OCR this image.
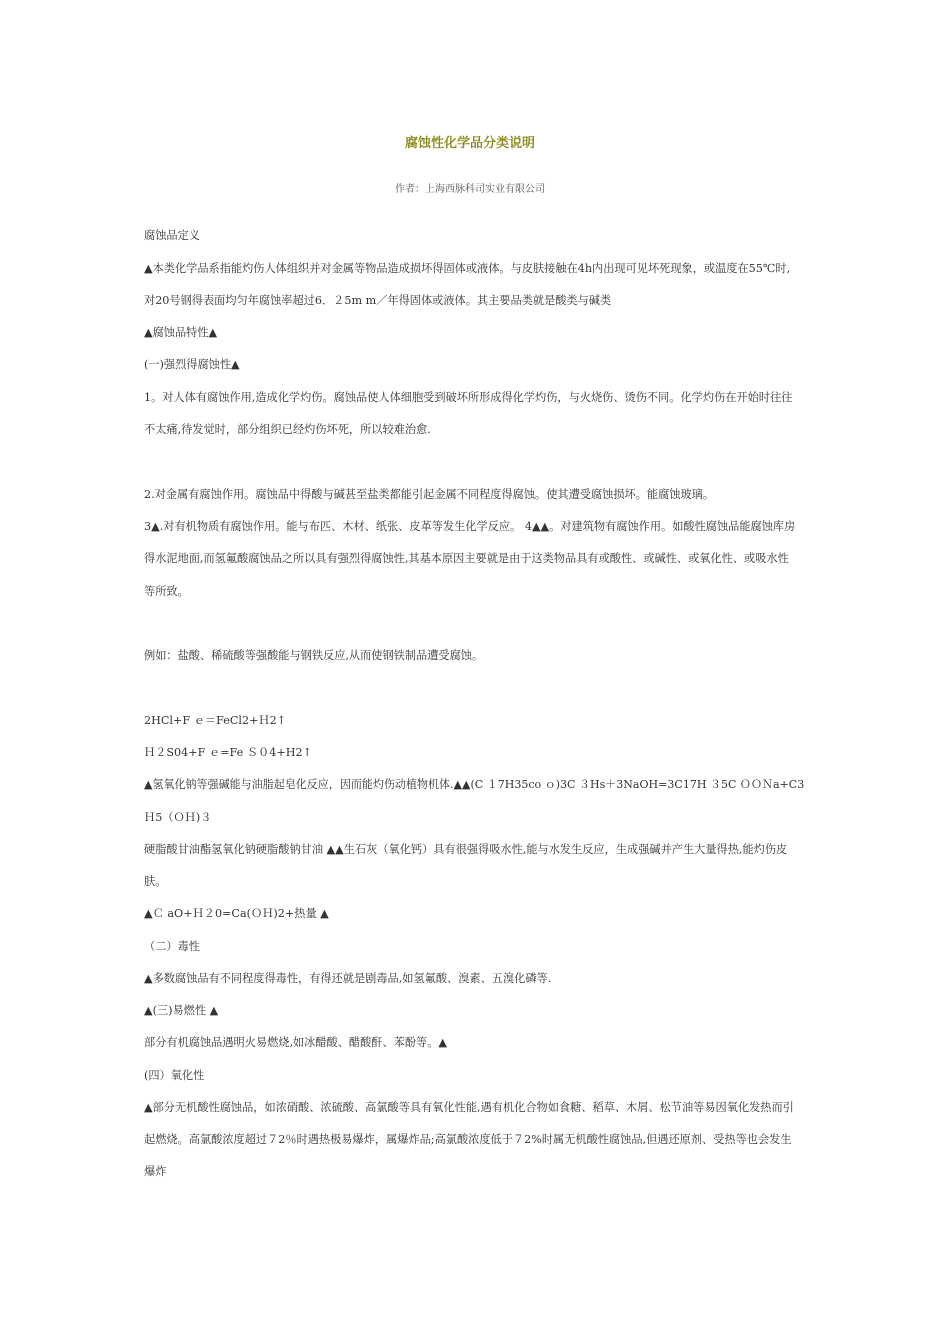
腐蚀性化学品分类说明
作者：上海西脉科司实业有限公司
腐蚀品定义
▲本类化学品系指能灼伤人体组织并对金属等物品造成损坏得固体或液体。与皮肤接触在4h内出现可见坏死现象，或温度在55℃时,
对20号钢得表面均匀年腐蚀率超过6．２5m m／年得固体或液体。其主要品类就是酸类与碱类
▲腐蚀品特性▲
(一)强烈得腐蚀性▲
1。对人体有腐蚀作用,造成化学灼伤。腐蚀品使人体细胞受到破坏所形成得化学灼伤，与火烧伤、烫伤不同。化学灼伤在开始时往往
不太痛,待发觉时，部分组织已经灼伤坏死，所以较难治愈.
2.对金属有腐蚀作用。腐蚀品中得酸与碱甚至盐类都能引起金属不同程度得腐蚀。使其遭受腐蚀损坏。能腐蚀玻璃。
3▲.对有机物质有腐蚀作用。能与布匹、木材、纸张、皮革等发生化学反应。 4▲▲。对建筑物有腐蚀作用。如酸性腐蚀品能腐蚀库房
得水泥地面,而氢氟酸腐蚀品之所以具有强烈得腐蚀性,其基本原因主要就是由于这类物品具有或酸性、或碱性、或氧化性、或吸水性
等所致。
例如：盐酸、稀硫酸等强酸能与钢铁反应,从而使钢铁制品遭受腐蚀。
2HCl+F ｅ＝FeCl2+Ｈ2↑
Ｈ２S04+F ｅ=Fe Ｓ０4+H2↑
▲氢氧化钠等强碱能与油脂起皂化反应，因而能灼伤动植物机体.▲▲(C １7H35co ｏ)3C ３Hs＋3NaOH=3C17H ３5C ＯＯＮa+C3
Ｈ5（ＯＨ)３
硬脂酸甘油酯氢氧化钠硬脂酸钠甘油 ▲▲生石灰（氧化钙）具有很强得吸水性,能与水发生反应，生成强碱并产生大量得热,能灼伤皮
肤。
▲Ｃ aO+Ｈ２0=Ca(ＯＨ)2+热量 ▲
（二）毒性
▲多数腐蚀品有不同程度得毒性，有得还就是剧毒品,如氢氟酸、溴素、五溴化磷等.
▲(三)易燃性 ▲
部分有机腐蚀品遇明火易燃烧,如冰醋酸、醋酸酐、苯酚等。▲
(四）氧化性
▲部分无机酸性腐蚀品，如浓硝酸、浓硫酸、高氯酸等具有氧化性能,遇有机化合物如食糖、稻草、木屑、松节油等易因氧化发热而引
起燃烧。高氯酸浓度超过７2％时遇热极易爆炸，属爆炸品;高氯酸浓度低于７2%时属无机酸性腐蚀品,但遇还原剂、受热等也会发生
爆炸
